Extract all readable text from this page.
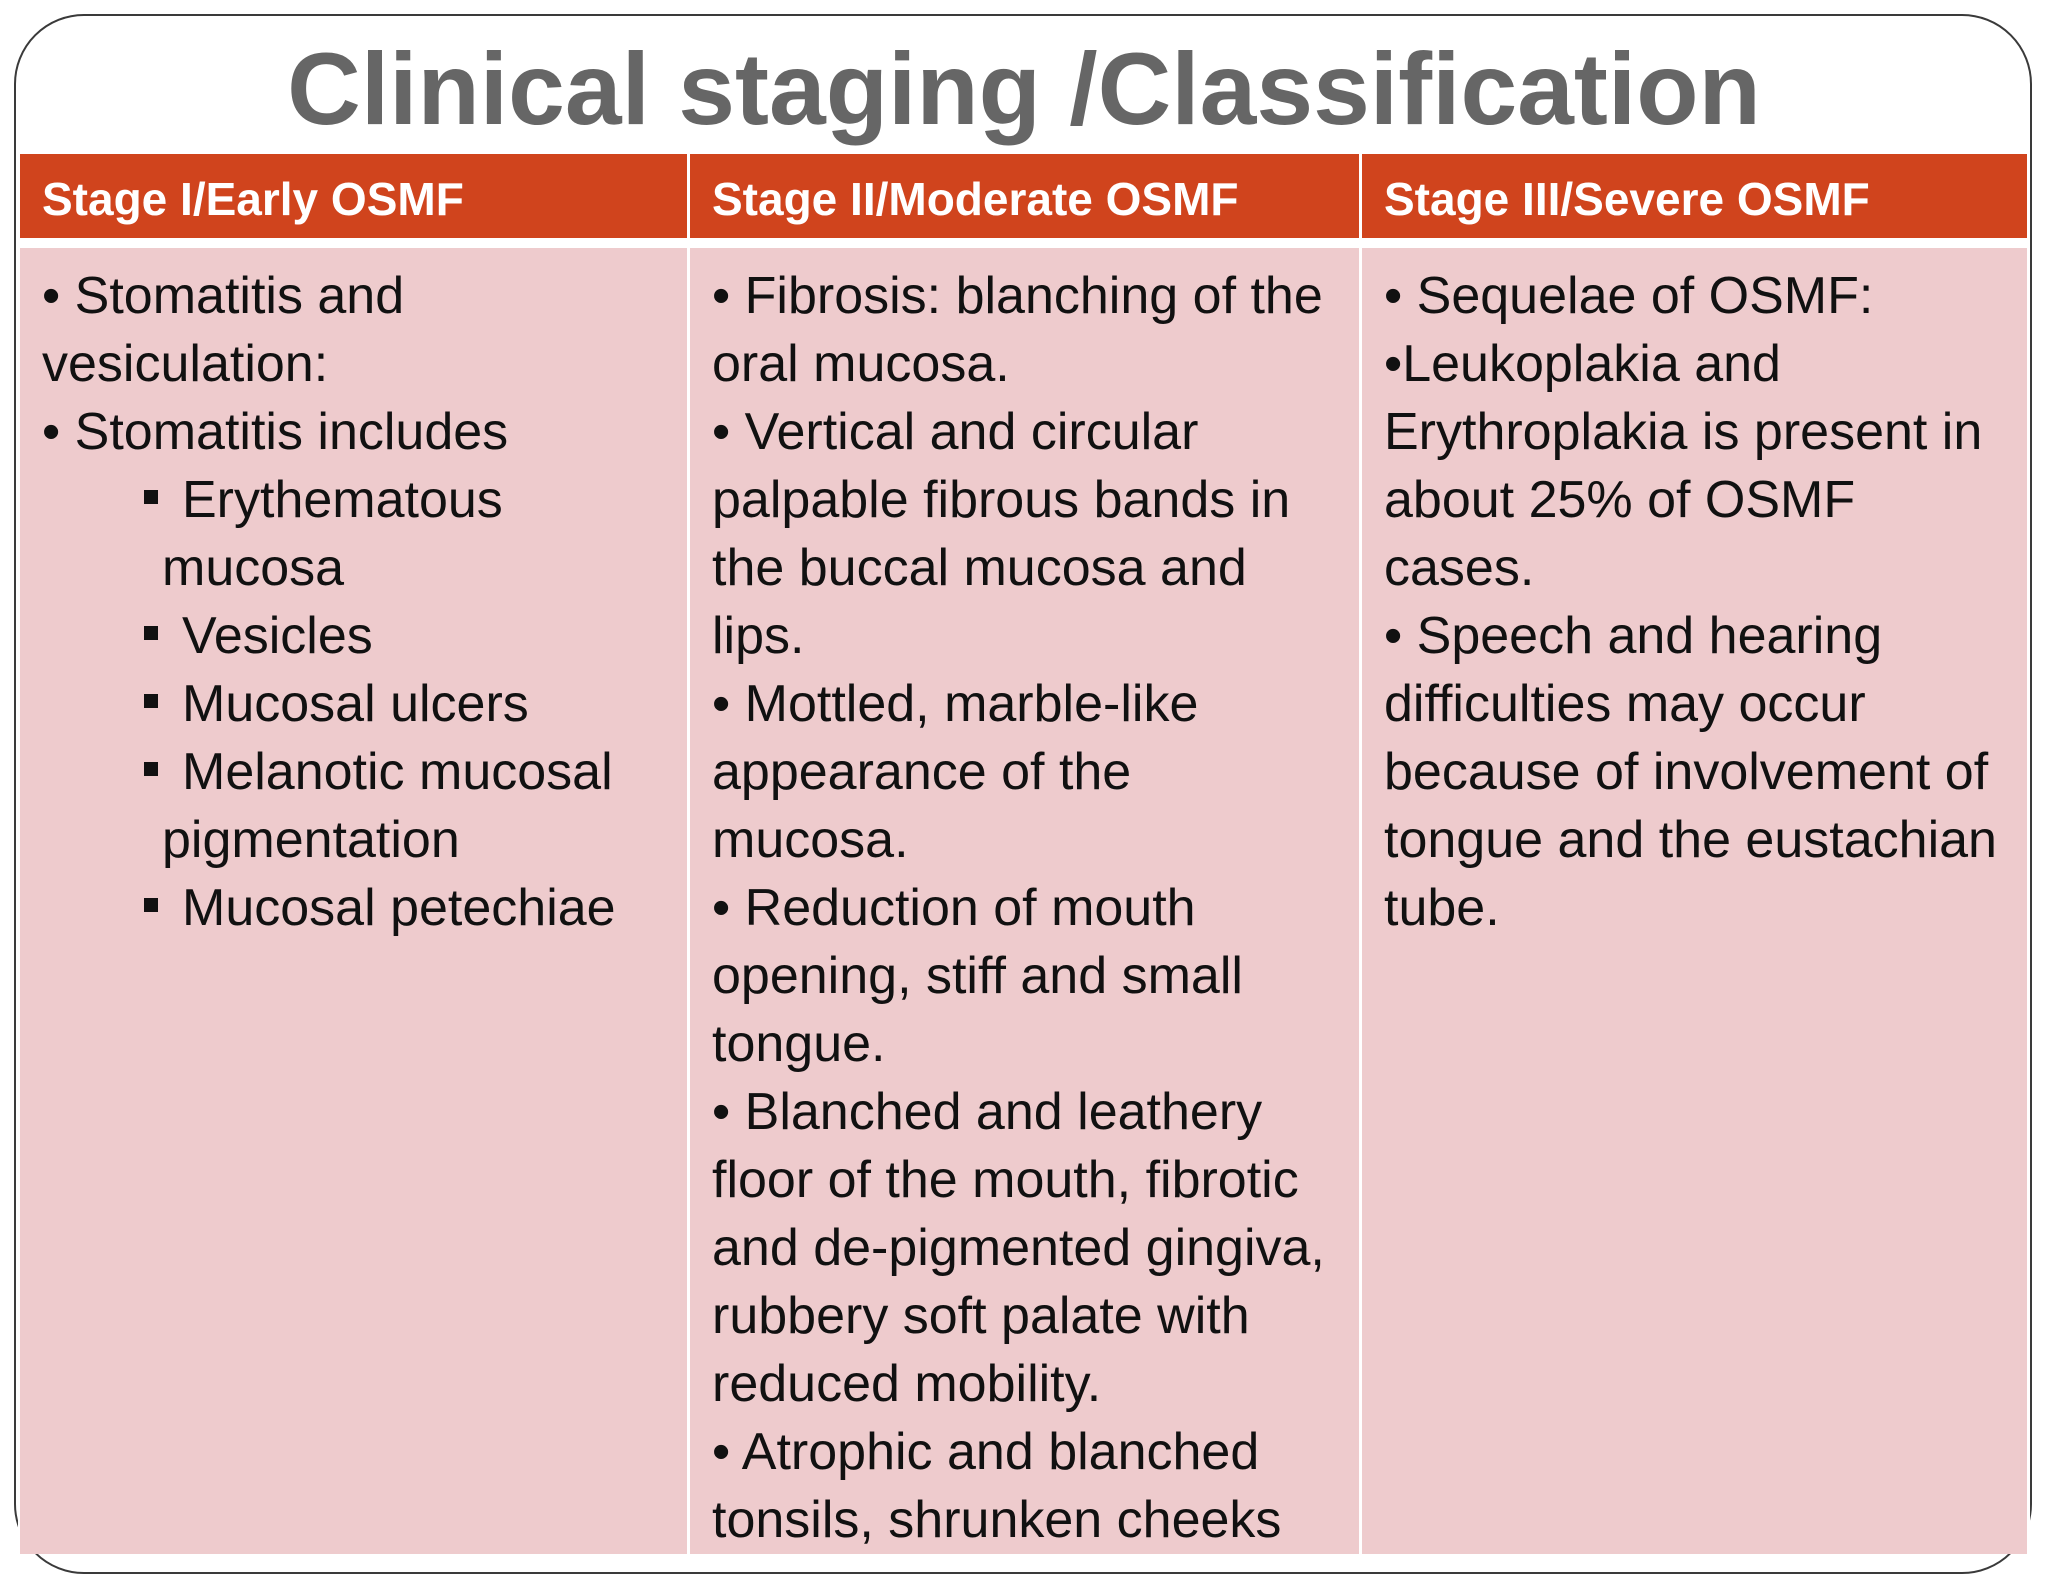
Clinical staging /Classification
Stage I/Early OSMF	Stage II/Moderate OSMF	Stage III/Severe OSMF

• Stomatitis and vesiculation:

• Stomatitis includes

Erythematous mucosa

Vesicles

Mucosal ulcers

Melanotic mucosal pigmentation

Mucosal petechiae

• Fibrosis: blanching of the oral mucosa.

• Vertical and circular palpable fibrous bands in the buccal mucosa and lips.

• Mottled, marble-like appearance of the mucosa.

• Reduction of mouth opening, stiff and small tongue.

• Blanched and leathery floor of the mouth, fibrotic and de-pigmented gingiva, rubbery soft palate with reduced mobility.

• Atrophic and blanched tonsils, shrunken cheeks

• Sequelae of OSMF:

•Leukoplakia and Erythroplakia is present in about 25% of OSMF cases.

• Speech and hearing difficulties may occur because of involvement of tongue and the eustachian tube.
